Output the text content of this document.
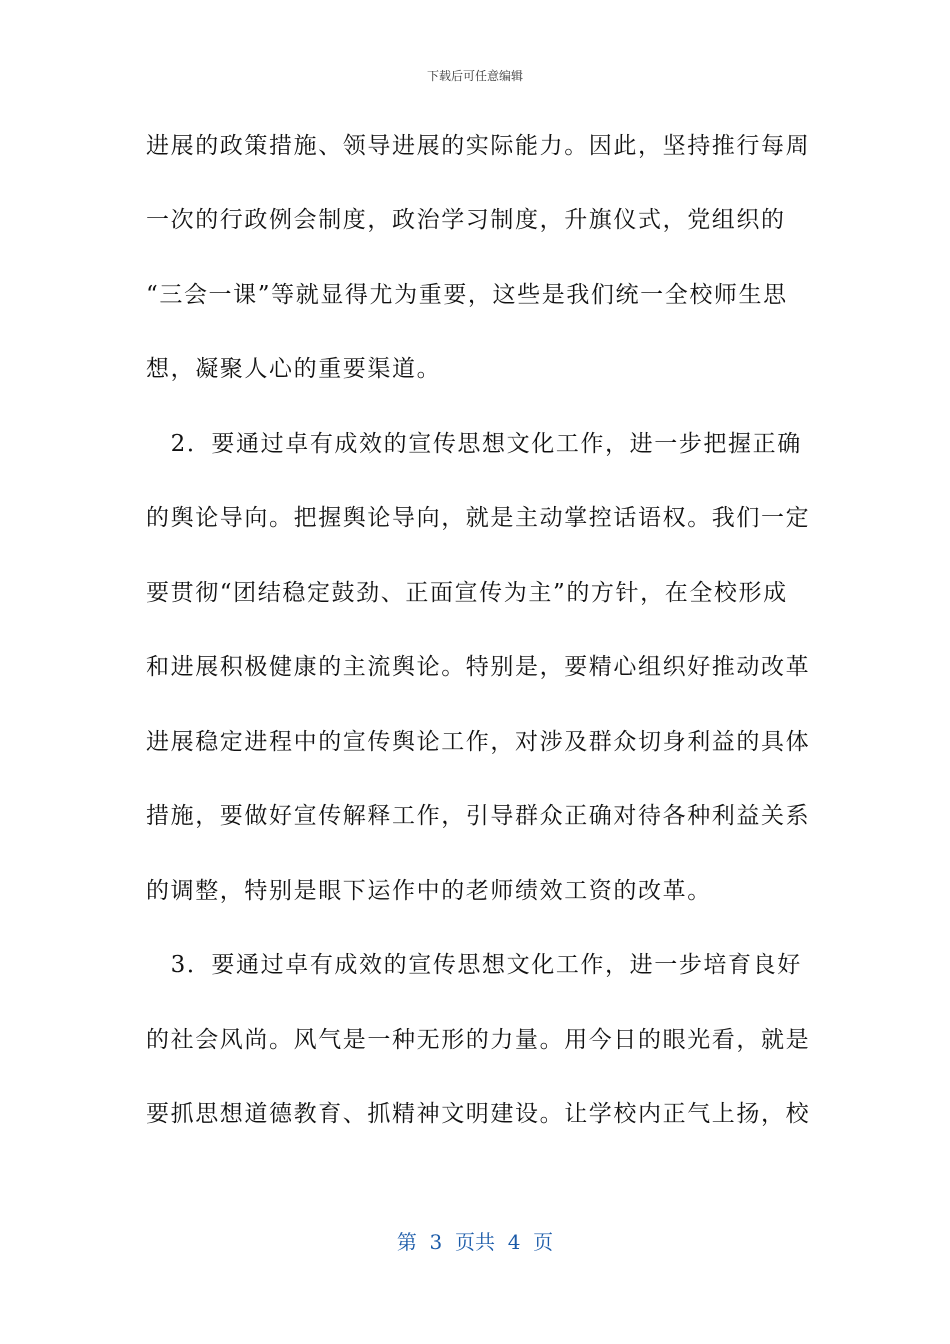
下载后可任意编辑
进展的政策措施、领导进展的实际能力。因此，坚持推行每周
一次的行政例会制度，政治学习制度，升旗仪式，党组织的
“三会一课”等就显得尤为重要，这些是我们统一全校师生思
想，凝聚人心的重要渠道。
　2．要通过卓有成效的宣传思想文化工作，进一步把握正确
的舆论导向。把握舆论导向，就是主动掌控话语权。我们一定
要贯彻“团结稳定鼓劲、正面宣传为主”的方针，在全校形成
和进展积极健康的主流舆论。特别是，要精心组织好推动改革
进展稳定进程中的宣传舆论工作，对涉及群众切身利益的具体
措施，要做好宣传解释工作，引导群众正确对待各种利益关系
的调整，特别是眼下运作中的老师绩效工资的改革。
　3．要通过卓有成效的宣传思想文化工作，进一步培育良好
的社会风尚。风气是一种无形的力量。用今日的眼光看，就是
要抓思想道德教育、抓精神文明建设。让学校内正气上扬，校
第  3  页共  4  页
